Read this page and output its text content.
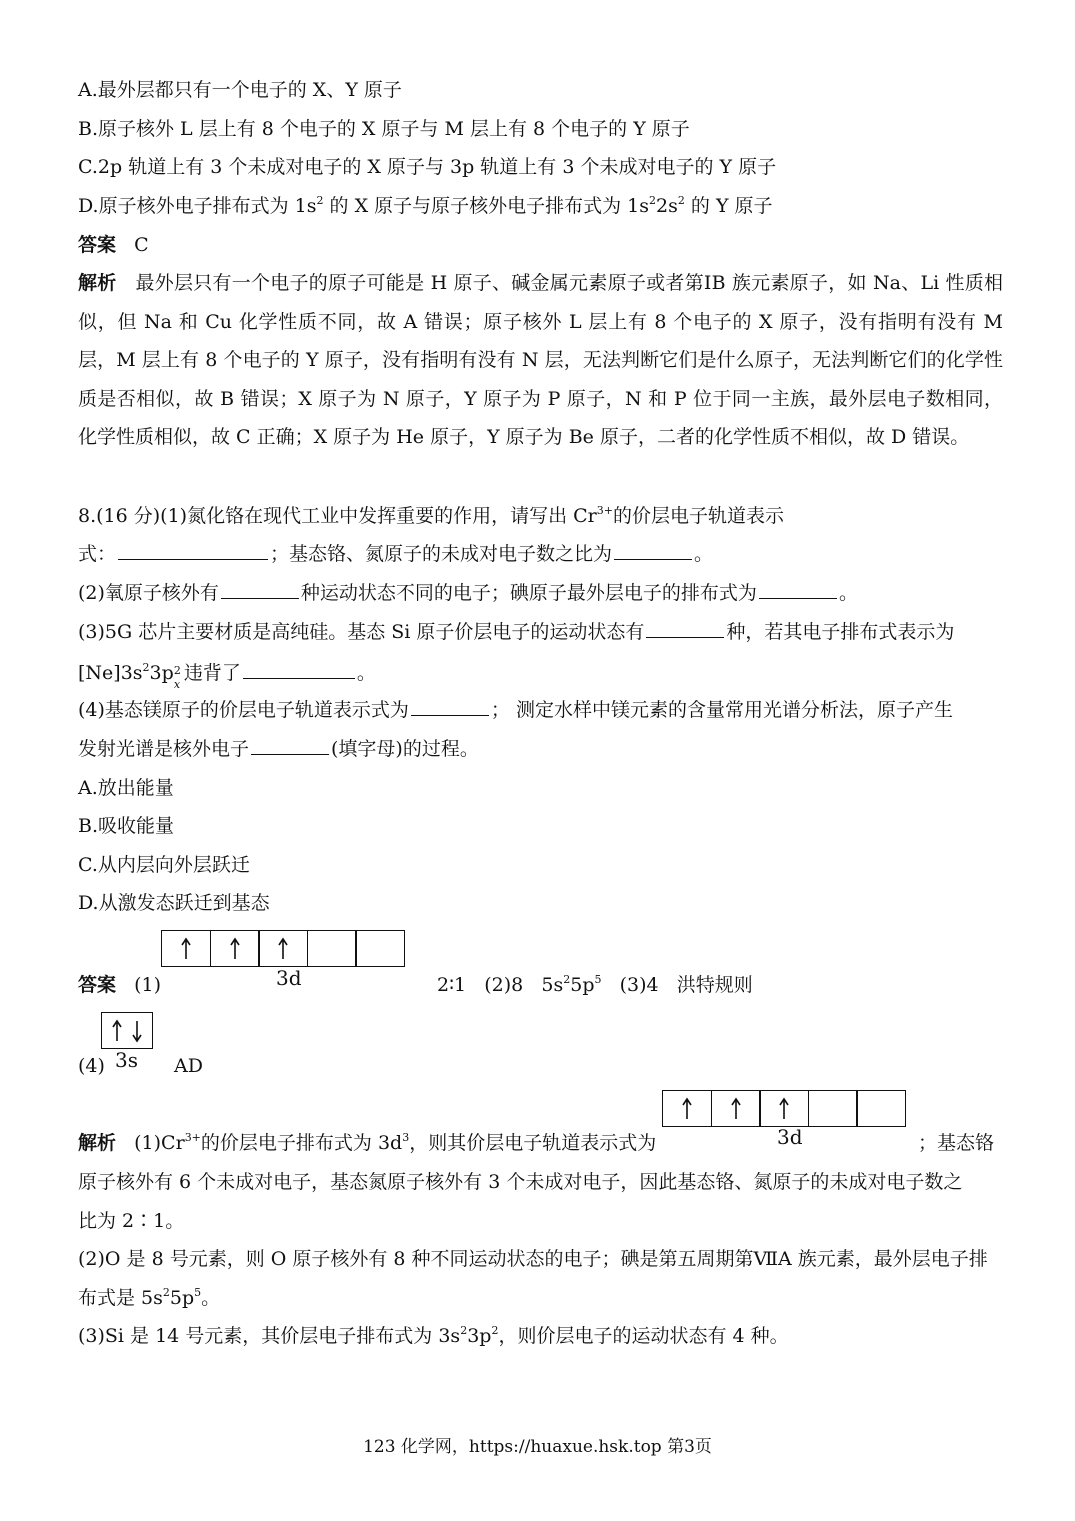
A.最外层都只有一个电子的 X、Y 原子
B.原子核外 L 层上有 8 个电子的 X 原子与 M 层上有 8 个电子的 Y 原子
C.2p 轨道上有 3 个未成对电子的 X 原子与 3p 轨道上有 3 个未成对电子的 Y 原子
D.原子核外电子排布式为 $1s^2$ 的 X 原子与原子核外电子排布式为 $1s^22s^2$ 的 Y 原子
答案 C
解析 最外层只有一个电子的原子可能是 H 原子、碱金属元素原子或者第ⅠB 族元素原子，如 Na、Li 性质相似，但 Na 和 Cu 化学性质不同，故 A 错误；原子核外 L 层上有 8 个电子的 X 原子，没有指明有没有 M 层，M 层上有 8 个电子的 Y 原子，没有指明有没有 N 层，无法判断它们是什么原子，无法判断它们的化学性质是否相似，故 B 错误；X 原子为 N 原子，Y 原子为 P 原子，N 和 P 位于同一主族，最外层电子数相同，化学性质相似，故 C 正确；X 原子为 He 原子，Y 原子为 Be 原子，二者的化学性质不相似，故 D 错误。
8.(16 分)(1)氮化铬在现代工业中发挥重要的作用，请写出 $Cr^{3+}$的价层电子轨道表示
式：	；基态铬、氮原子的未成对电子数之比为	。
(2)氧原子核外有	种运动状态不同的电子；碘原子最外层电子的排布式为	。
(3)5G 芯片主要材质是高纯硅。基态 Si 原子价层电子的运动状态有	种，若其电子排布式表示为
$[Ne]3s^23p$ 2
x
违背了	。
(4)基态镁原子的价层电子轨道表示式为	； 测定水样中镁元素的含量常用光谱分析法，原子产生
发射光谱是核外电子	(填字母)的过程。
A.放出能量
B.吸收能量
C.从内层向外层跃迁
D.从激发态跃迁到基态
3d
答案 (1)	2∶1 (2)8 $5s^25p^5$ (3)4 洪特规则
(4) 3s AD
3d
解析 $(1)Cr^{3+}$的价层电子排布式为 $3d^3$，则其价层电子轨道表示式为	；基态铬
原子核外有 6 个未成对电子，基态氮原子核外有 3 个未成对电子，因此基态铬、氮原子的未成对电子数之
比为 2∶1。
(2)O 是 8 号元素，则 O 原子核外有 8 种不同运动状态的电子；碘是第五周期第ⅦA 族元素，最外层电子排
布式是 $5s^25p^5$。
(3)Si 是 14 号元素，其价层电子排布式为 $3s^23p^2$，则价层电子的运动状态有 4 种。
123 化学网，https://huaxue.hsk.top 第3页
